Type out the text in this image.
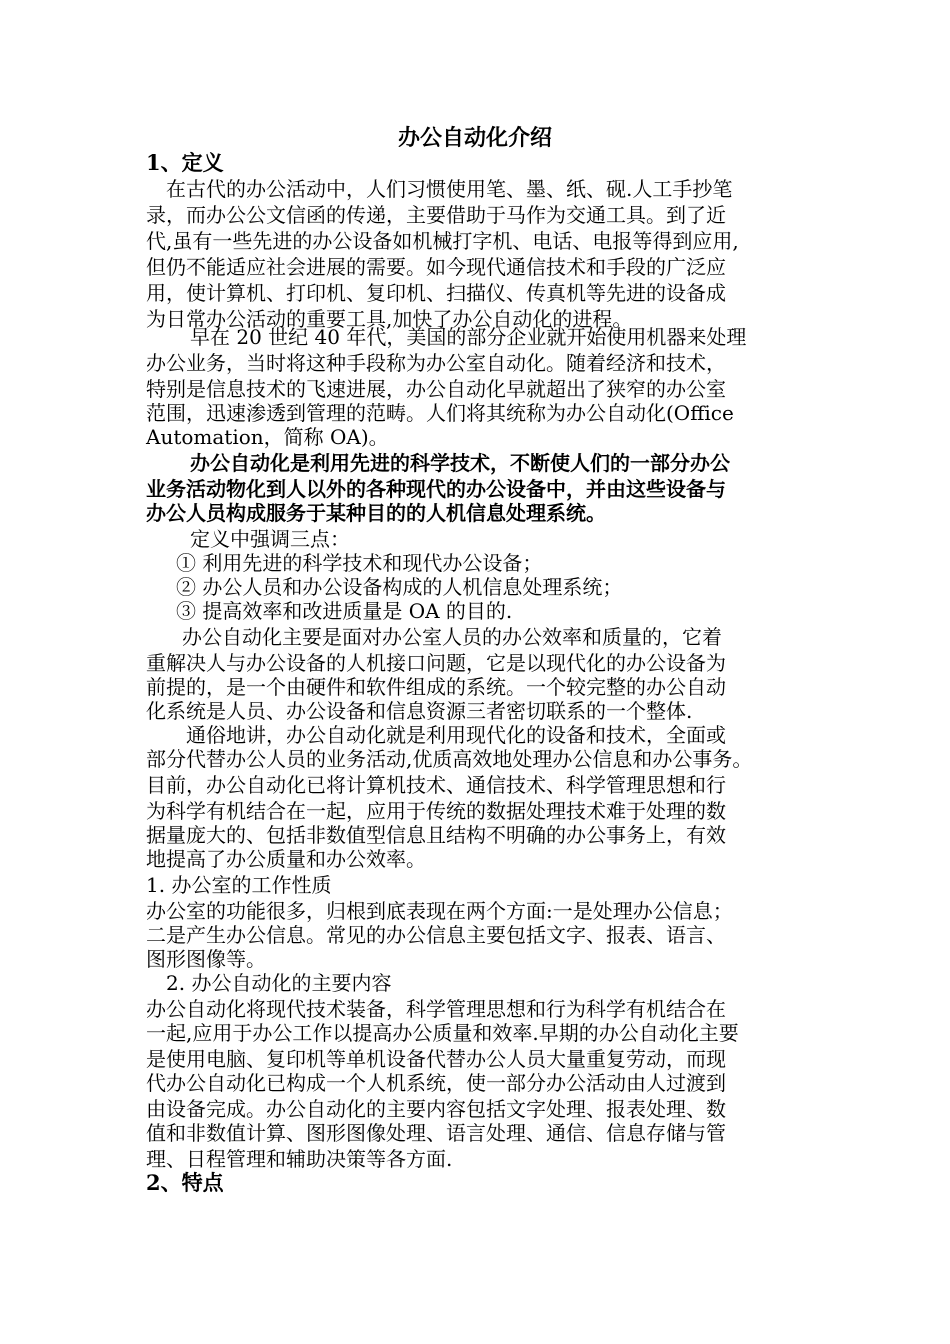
办公自动化介绍
1、定义
在古代的办公活动中，人们习惯使用笔、墨、纸、砚.人工手抄笔
录，而办公公文信函的传递，主要借助于马作为交通工具。到了近
代,虽有一些先进的办公设备如机械打字机、电话、电报等得到应用,
但仍不能适应社会进展的需要。如今现代通信技术和手段的广泛应
用，使计算机、打印机、复印机、扫描仪、传真机等先进的设备成
为日常办公活动的重要工具,加快了办公自动化的进程。
早在 20 世纪 40 年代，美国的部分企业就开始使用机器来处理
办公业务，当时将这种手段称为办公室自动化。随着经济和技术，
特别是信息技术的飞速进展，办公自动化早就超出了狭窄的办公室
范围，迅速渗透到管理的范畴。人们将其统称为办公自动化(Office
Automation，简称 OA)。
办公自动化是利用先进的科学技术，不断使人们的一部分办公
业务活动物化到人以外的各种现代的办公设备中，并由这些设备与
办公人员构成服务于某种目的的人机信息处理系统。
定义中强调三点：
① 利用先进的科学技术和现代办公设备；
② 办公人员和办公设备构成的人机信息处理系统；
③ 提高效率和改进质量是 OA 的目的.
办公自动化主要是面对办公室人员的办公效率和质量的，它着
重解决人与办公设备的人机接口问题，它是以现代化的办公设备为
前提的，是一个由硬件和软件组成的系统。一个较完整的办公自动
化系统是人员、办公设备和信息资源三者密切联系的一个整体.
通俗地讲，办公自动化就是利用现代化的设备和技术，全面或
部分代替办公人员的业务活动,优质高效地处理办公信息和办公事务。
目前，办公自动化已将计算机技术、通信技术、科学管理思想和行
为科学有机结合在一起，应用于传统的数据处理技术难于处理的数
据量庞大的、包括非数值型信息且结构不明确的办公事务上，有效
地提高了办公质量和办公效率。
1. 办公室的工作性质
办公室的功能很多，归根到底表现在两个方面:一是处理办公信息；
二是产生办公信息。常见的办公信息主要包括文字、报表、语言、
图形图像等。
2. 办公自动化的主要内容
办公自动化将现代技术装备，科学管理思想和行为科学有机结合在
一起,应用于办公工作以提高办公质量和效率.早期的办公自动化主要
是使用电脑、复印机等单机设备代替办公人员大量重复劳动，而现
代办公自动化已构成一个人机系统，使一部分办公活动由人过渡到
由设备完成。办公自动化的主要内容包括文字处理、报表处理、数
值和非数值计算、图形图像处理、语言处理、通信、信息存储与管
理、日程管理和辅助决策等各方面.
2、特点
